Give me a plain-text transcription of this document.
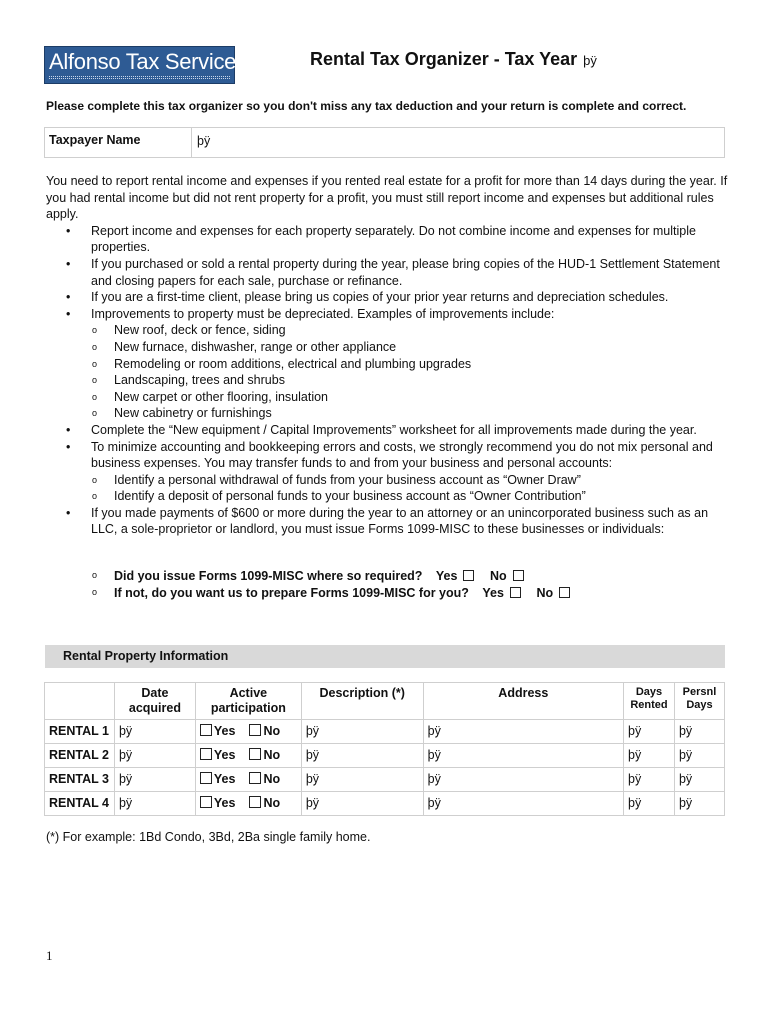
Alfonso Tax Service	Rental Tax Organizer - Tax Year þÿ
Please complete this tax organizer so you don't miss any tax deduction and your return is complete and correct.
Taxpayer Name	þÿ

You need to report rental income and expenses if you rented real estate for a profit for more than 14 days during the year. If you had rental income but did not rent property for a profit, you must still report income and expenses but additional rules apply.

• Report income and expenses for each property separately. Do not combine income and expenses for multiple properties.
• If you purchased or sold a rental property during the year, please bring copies of the HUD-1 Settlement Statement and closing papers for each sale, purchase or refinance.
• If you are a first-time client, please bring us copies of your prior year returns and depreciation schedules.
• Improvements to property must be depreciated. Examples of improvements include:
o New roof, deck or fence, siding
o New furnace, dishwasher, range or other appliance
o Remodeling or room additions, electrical and plumbing upgrades
o Landscaping, trees and shrubs
o New carpet or other flooring, insulation
o New cabinetry or furnishings
• Complete the “New equipment / Capital Improvements” worksheet for all improvements made during the year.
• To minimize accounting and bookkeeping errors and costs, we strongly recommend you do not mix personal and business expenses. You may transfer funds to and from your business and personal accounts:
o Identify a personal withdrawal of funds from your business account as “Owner Draw”
o Identify a deposit of personal funds to your business account as “Owner Contribution”
• If you made payments of $600 or more during the year to an attorney or an unincorporated business such as an LLC, a sole-proprietor or landlord, you must issue Forms 1099-MISC to these businesses or individuals:
o Did you issue Forms 1099-MISC where so required? Yes	No
o If not, do you want us to prepare Forms 1099-MISC for you? Yes	No
Rental Property Information
	Date acquired	Active participation	Description (*)	Address	Days Rented	Persnl Days
RENTAL 1	þÿ	Yes No	þÿ	þÿ	þÿ	þÿ
RENTAL 2	þÿ	Yes No	þÿ	þÿ	þÿ	þÿ
RENTAL 3	þÿ	Yes No	þÿ	þÿ	þÿ	þÿ
RENTAL 4	þÿ	Yes No	þÿ	þÿ	þÿ	þÿ
(*) For example: 1Bd Condo, 3Bd, 2Ba single family home.
1
